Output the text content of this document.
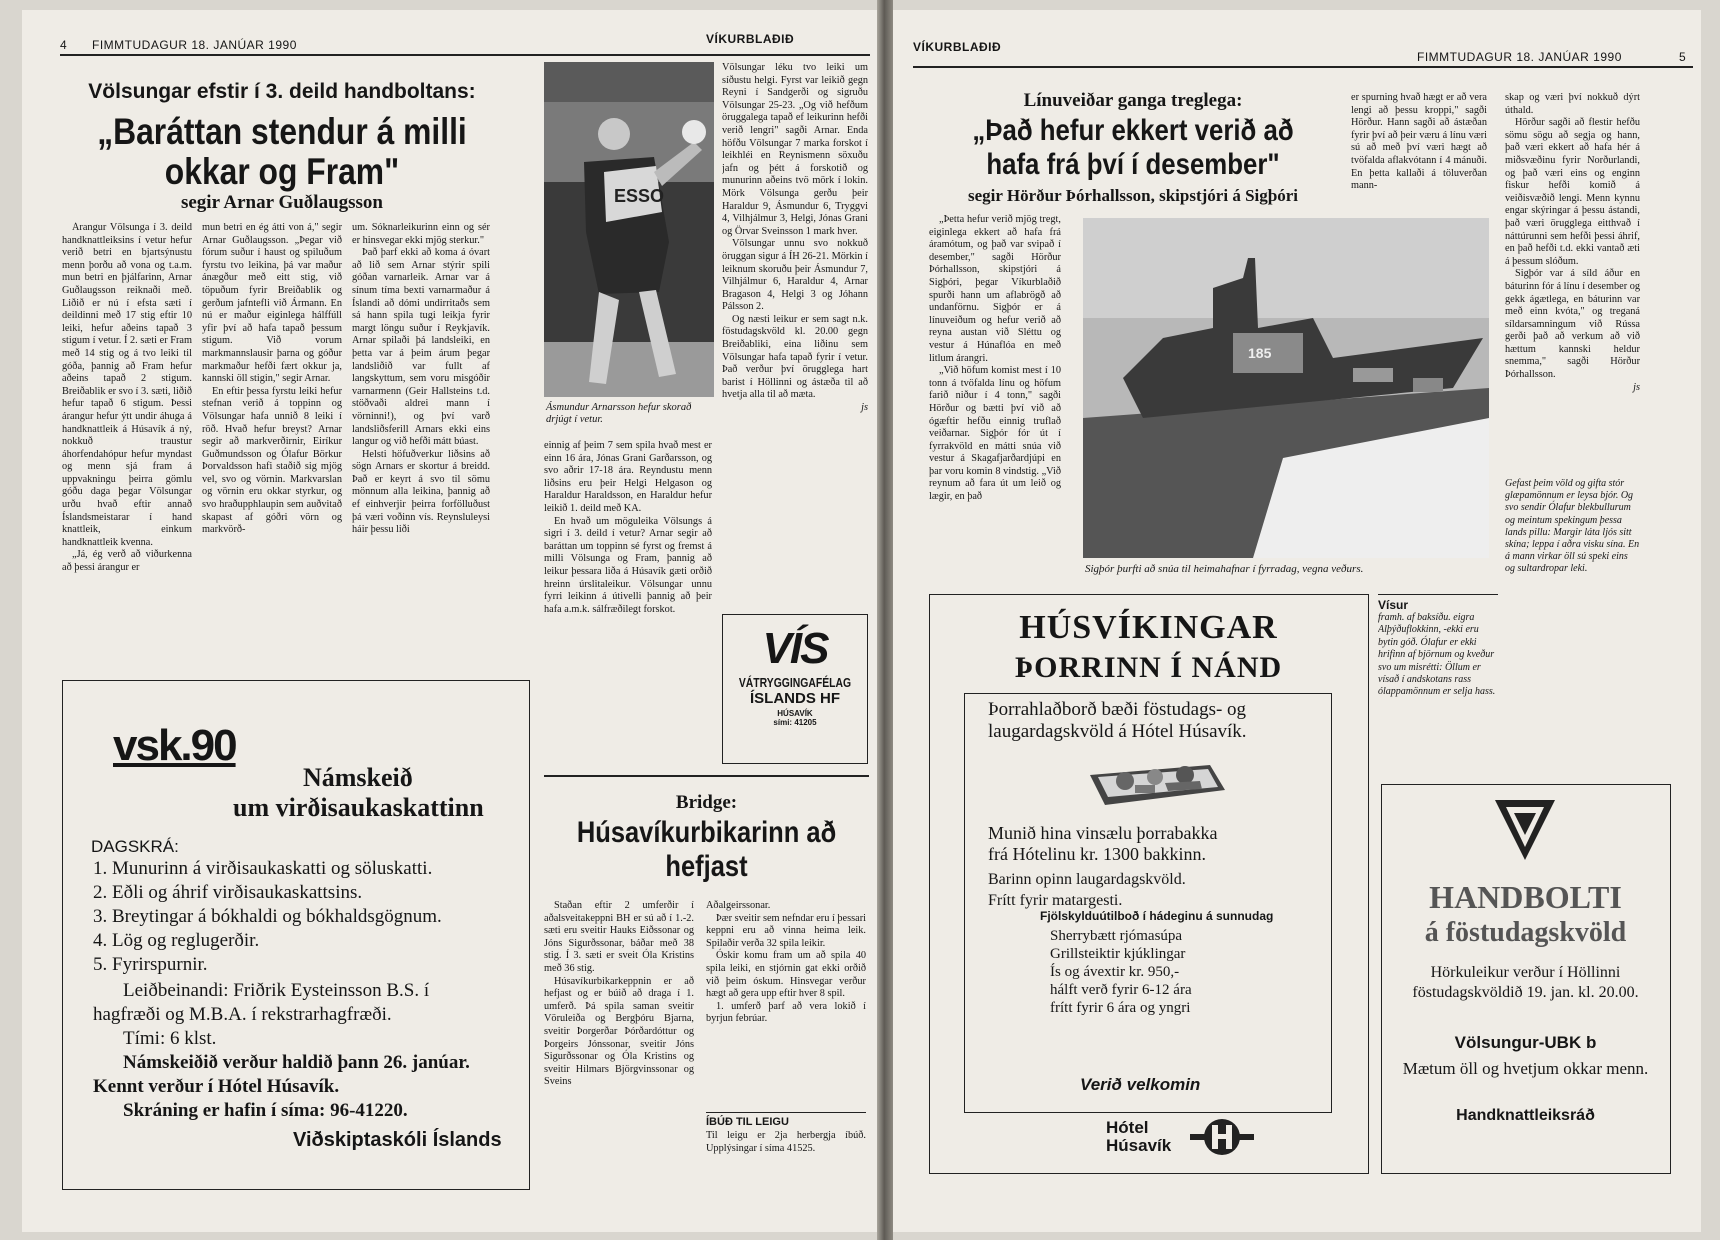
4 FIMMTUDAGUR 18. JANÚAR 1990	VÍKURBLAÐIÐ
Völsungar efstir í 3. deild handboltans:
„Baráttan stendur á milli okkar og Fram"
segir Arnar Guðlaugsson

Árangur Völsunga í 3. deild handknattleiksins í vetur hefur verið betri en bjartsýnustu menn þorðu að vona og t.a.m. mun betri en þjálfarinn, Arnar Guðlaugsson reiknaði með. Liðið er nú í efsta sæti í deildinni með 17 stig eftir 10 leiki, hefur aðeins tapað 3 stigum í vetur. Í 2. sæti er Fram með 14 stig og á tvo leiki til góða, þannig að Fram hefur aðeins tapað 2 stigum. Breiðablik er svo í 3. sæti, liðið hefur tapað 6 stigum. Þessi árangur hefur ýtt undir áhuga á handknattleik á Húsavík á ný, nokkuð traustur áhorfendahópur hefur myndast og menn sjá fram á uppvakningu þeirra gömlu góðu daga þegar Völsungar urðu hvað eftir annað Íslandsmeistarar í hand knattleik, einkum handknattleik kvenna.

„Já, ég verð að viðurkenna að þessi árangur er

mun betri en ég átti von á," segir Arnar Guðlaugsson. „Þegar við fórum suður í haust og spiluðum fyrstu tvo leikina, þá var maður ánægður með eitt stig, við töpuðum fyrir Breiðablik og gerðum jafntefli við Ármann. En nú er maður eiginlega hálffúll yfir því að hafa tapað þessum stigum. Við vorum markmannslausir þarna og góður markmaður hefði fært okkur ja, kannski öll stigin," segir Arnar.

En eftir þessa fyrstu leiki hefur stefnan verið á toppinn og Völsungar hafa unnið 8 leiki í röð. Hvað hefur breyst? Arnar segir að markverðirnir, Eiríkur Guðmundsson og Ólafur Börkur Þorvaldsson hafi staðið sig mjög vel, svo og vörnin. Markvarslan og vörnin eru okkar styrkur, og svo hraðupphlaupin sem auðvitað skapast af góðri vörn og markvörð-

um. Sóknarleikurinn einn og sér er hinsvegar ekki mjög sterkur."

Það þarf ekki að koma á óvart að lið sem Arnar stýrir spili góðan varnarleik. Arnar var á sínum tíma bexti varnarmaður á Íslandi að dómi undirritaðs sem sá hann spila tugi leikja fyrir margt löngu suður í Reykjavík. Arnar spilaði þá landsleiki, en þetta var á þeim árum þegar landsliðið var fullt af langskyttum, sem voru misgóðir varnarmenn (Geir Hallsteins t.d. stöðvaði aldrei mann í vörninni!), og því varð landsliðsferill Arnars ekki eins langur og við hefði mátt búast.

Helsti höfuðverkur liðsins að sögn Arnars er skortur á breidd. Það er keyrt á svo til sömu mönnum alla leikina, þannig að ef einhverjir þeirra forfölluðust þá væri voðinn vís. Reynsluleysi háir þessu liði

ESSO
Ásmundur Arnarsson hefur skorað drjúgt í vetur.

einnig af þeim 7 sem spila hvað mest er einn 16 ára, Jónas Grani Garðarsson, og svo aðrir 17-18 ára. Reyndustu menn liðsins eru þeir Helgi Helgason og Haraldur Haraldsson, en Haraldur hefur leikið 1. deild með KA.

En hvað um möguleika Völsungs á sigri í 3. deild í vetur? Arnar segir að baráttan um toppinn sé fyrst og fremst á milli Völsunga og Fram, þannig að leikur þessara liða á Húsavík gæti orðið hreinn úrslitaleikur. Völsungar unnu fyrri leikinn á útivelli þannig að þeir hafa a.m.k. sálfræðilegt forskot.

Völsungar léku tvo leiki um síðustu helgi. Fyrst var leikið gegn Reyni í Sandgerði og sigruðu Völsungar 25-23. „Og við hefðum öruggalega tapað ef leikurinn hefði verið lengri" sagði Arnar. Enda höfðu Völsungar 7 marka forskot í leikhléi en Reynismenn söxuðu jafn og þétt á forskotið og munurinn aðeins tvö mörk í lokin. Mörk Völsunga gerðu þeir Haraldur 9, Ásmundur 6, Tryggvi 4, Vilhjálmur 3, Helgi, Jónas Grani og Örvar Sveinsson 1 mark hver.

Völsungar unnu svo nokkuð öruggan sigur á ÍH 26-21. Mörkin í leiknum skoruðu þeir Ásmundur 7, Vilhjálmur 6, Haraldur 4, Arnar Bragason 4, Helgi 3 og Jóhann Pálsson 2.

Og næsti leikur er sem sagt n.k. föstudagskvöld kl. 20.00 gegn Breiðabliki, eina liðinu sem Völsungar hafa tapað fyrir í vetur. Það verður því örugglega hart barist í Höllinni og ástæða til að hvetja alla til að mæta.

js

VÍS
VÁTRYGGINGAFÉLAG
ÍSLANDS HF
HÚSAVÍK
sími: 41205
Bridge:
Húsavíkurbikarinn að hefjast

Staðan eftir 2 umferðir í aðalsveitakeppni BH er sú að í 1.-2. sæti eru sveitir Hauks Eiðssonar og Jóns Sigurðssonar, báðar með 38 stig. Í 3. sæti er sveit Óla Kristins með 36 stig.

Húsavíkurbikarkeppnin er að hefjast og er búið að draga í 1. umferð. Þá spila saman sveitir Vöruleiða og Bergþóru Bjarna, sveitir Þorgerðar Þórðardóttur og Þorgeirs Jónssonar, sveitir Jóns Sigurðssonar og Óla Kristins og sveitir Hilmars Björgvinssonar og Sveins

Aðalgeirssonar.

Þær sveitir sem nefndar eru í þessari keppni eru að vinna heima leik. Spilaðir verða 32 spila leikir.

Óskir komu fram um að spila 40 spila leiki, en stjórnin gat ekki orðið við þeim óskum. Hinsvegar verður hægt að gera upp eftir hver 8 spil.

1. umferð þarf að vera lokið í byrjun febrúar.

ÍBÚÐ TIL LEIGU
Til leigu er 2ja herbergja íbúð. Upplýsingar í síma 41525.
vsk.90
Námskeið
um virðisaukaskattinn
DAGSKRÁ:
1. Munurinn á virðisaukaskatti og söluskatti.
2. Eðli og áhrif virðisaukaskattsins.
3. Breytingar á bókhaldi og bókhaldsgögnum.
4. Lög og reglugerðir.
5. Fyrirspurnir.
Leiðbeinandi: Friðrik Eysteinsson B.S. í
hagfræði og M.B.A. í rekstrarhagfræði.
Tími: 6 klst.
Námskeiðið verður haldið þann 26. janúar.
Kennt verður í Hótel Húsavík.
Skráning er hafin í síma: 96-41220.
Viðskiptaskóli Íslands
VÍKURBLAÐIÐ
FIMMTUDAGUR 18. JANÚAR 1990	5
Línuveiðar ganga treglega:
„Það hefur ekkert verið að hafa frá því í desember"
segir Hörður Þórhallsson, skipstjóri á Sigþóri

„Þetta hefur verið mjög tregt, eiginlega ekkert að hafa frá áramótum, og það var svipað í desember," sagði Hörður Þórhallsson, skipstjóri á Sigþóri, þegar Víkurblaðið spurði hann um aflabrögð að undanförnu. Sigþór er á línuveiðum og hefur verið að reyna austan við Sléttu og vestur á Húnaflóa en með litlum árangri.

„Við höfum komist mest í 10 tonn á tvöfalda línu og höfum farið niður í 4 tonn," sagði Hörður og bætti því við að ógæftir hefðu einnig truflað veiðarnar. Sigþór fór út í fyrrakvöld en mátti snúa við vestur á Skagafjarðardjúpi en þar voru komin 8 vindstig. „Við reynum að fara út um leið og lægir, en það

er spurning hvað hægt er að vera lengi að þessu kroppi," sagði Hörður. Hann sagði að ástæðan fyrir því að þeir væru á línu væri sú að með því væri hægt að tvöfalda aflakvótann í 4 mánuði. En þetta kallaði á töluverðan mann-

skap og væri því nokkuð dýrt úthald.

Hörður sagði að flestir hefðu sömu sögu að segja og hann, það væri ekkert að hafa hér á miðsvæðinu fyrir Norðurlandi, og það væri eins og enginn fiskur hefði komið á veiðisvæðið lengi. Menn kynnu engar skýringar á þessu ástandi, það væri örugglega eitthvað í náttúrunni sem hefði þessi áhrif, en það hefði t.d. ekki vantað æti á þessum slóðum.

Sigþór var á síld áður en báturinn fór á línu í desember og gekk ágætlega, en báturinn var með einn kvóta," og treganá síldarsamningum við Rússa gerði það að verkum að við hættum kannski heldur snemma," sagði Hörður Þórhallsson.

js

185
Sigþór þurfti að snúa til heimahafnar í fyrradag, vegna veðurs.
Gefast þeim völd og gifta stór glæpamönnum er leysa bjór. Og svo sendir Ólafur blekbullurum og meintum spekingum þessa lands pillu: Margir láta ljós sitt skína; leppa í aðra visku sína. En á mann virkar öll sú speki eins og sultardropar leki.
Vísur
framh. af baksíðu. eigra Alþýðuflokkinn, -ekki eru bytin góð. Ólafur er ekki hrifinn af björnum og kveður svo um misrétti: Öllum er vísað í andskotans rass ólappamönnum er selja hass.
HÚSVÍKINGAR
ÞORRINN Í NÁND
Þorrahlaðborð bæði föstudags- og laugardagskvöld á Hótel Húsavík.
Munið hina vinsælu þorrabakka
frá Hótelinu kr. 1300 bakkinn.
Barinn opinn laugardagskvöld.
Frítt fyrir matargesti.
Fjölskylduútilboð í hádeginu á sunnudag
Sherrybætt rjómasúpa
Grillsteiktir kjúklingar
Ís og ávextir kr. 950,-
hálft verð fyrir 6-12 ára
frítt fyrir 6 ára og yngri
Verið velkomin
Hótel
Húsavík
HANDBOLTI
á föstudagskvöld
Hörkuleikur verður í Höllinni föstudagskvöldið 19. jan. kl. 20.00.
Völsungur-UBK b
Mætum öll og hvetjum okkar menn.
Handknattleiksráð
